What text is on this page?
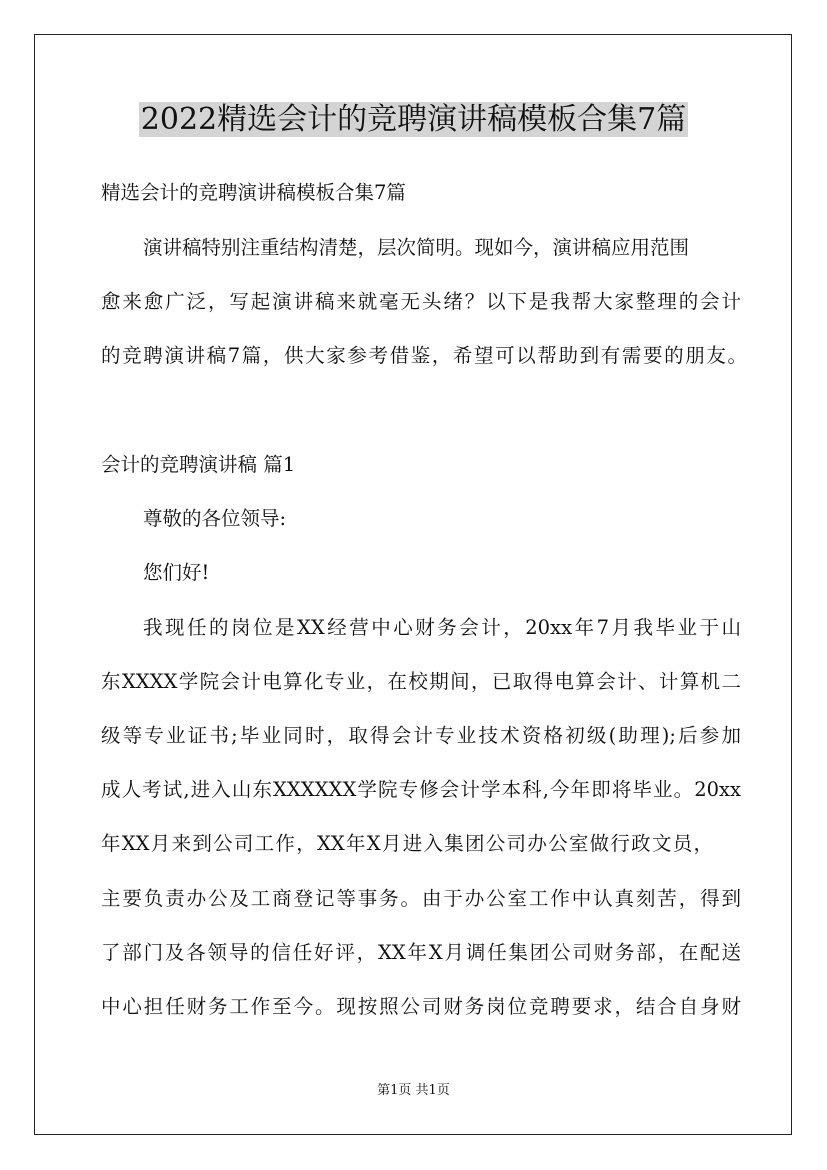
2022精选会计的竞聘演讲稿模板合集7篇
精选会计的竞聘演讲稿模板合集7篇
演讲稿特别注重结构清楚，层次简明。现如今，演讲稿应用范围
愈来愈广泛，写起演讲稿来就毫无头绪？以下是我帮大家整理的会计
的竞聘演讲稿7篇，供大家参考借鉴，希望可以帮助到有需要的朋友。
会计的竞聘演讲稿 篇1
尊敬的各位领导:
您们好!
我现任的岗位是XX经营中心财务会计，20xx年7月我毕业于山
东XXXX学院会计电算化专业，在校期间，已取得电算会计、计算机二
级等专业证书;毕业同时，取得会计专业技术资格初级(助理);后参加
成人考试,进入山东XXXXXX学院专修会计学本科,今年即将毕业。20xx
年XX月来到公司工作，XX年X月进入集团公司办公室做行政文员，
主要负责办公及工商登记等事务。由于办公室工作中认真刻苦，得到
了部门及各领导的信任好评，XX年X月调任集团公司财务部，在配送
中心担任财务工作至今。现按照公司财务岗位竞聘要求，结合自身财
第1页 共1页
